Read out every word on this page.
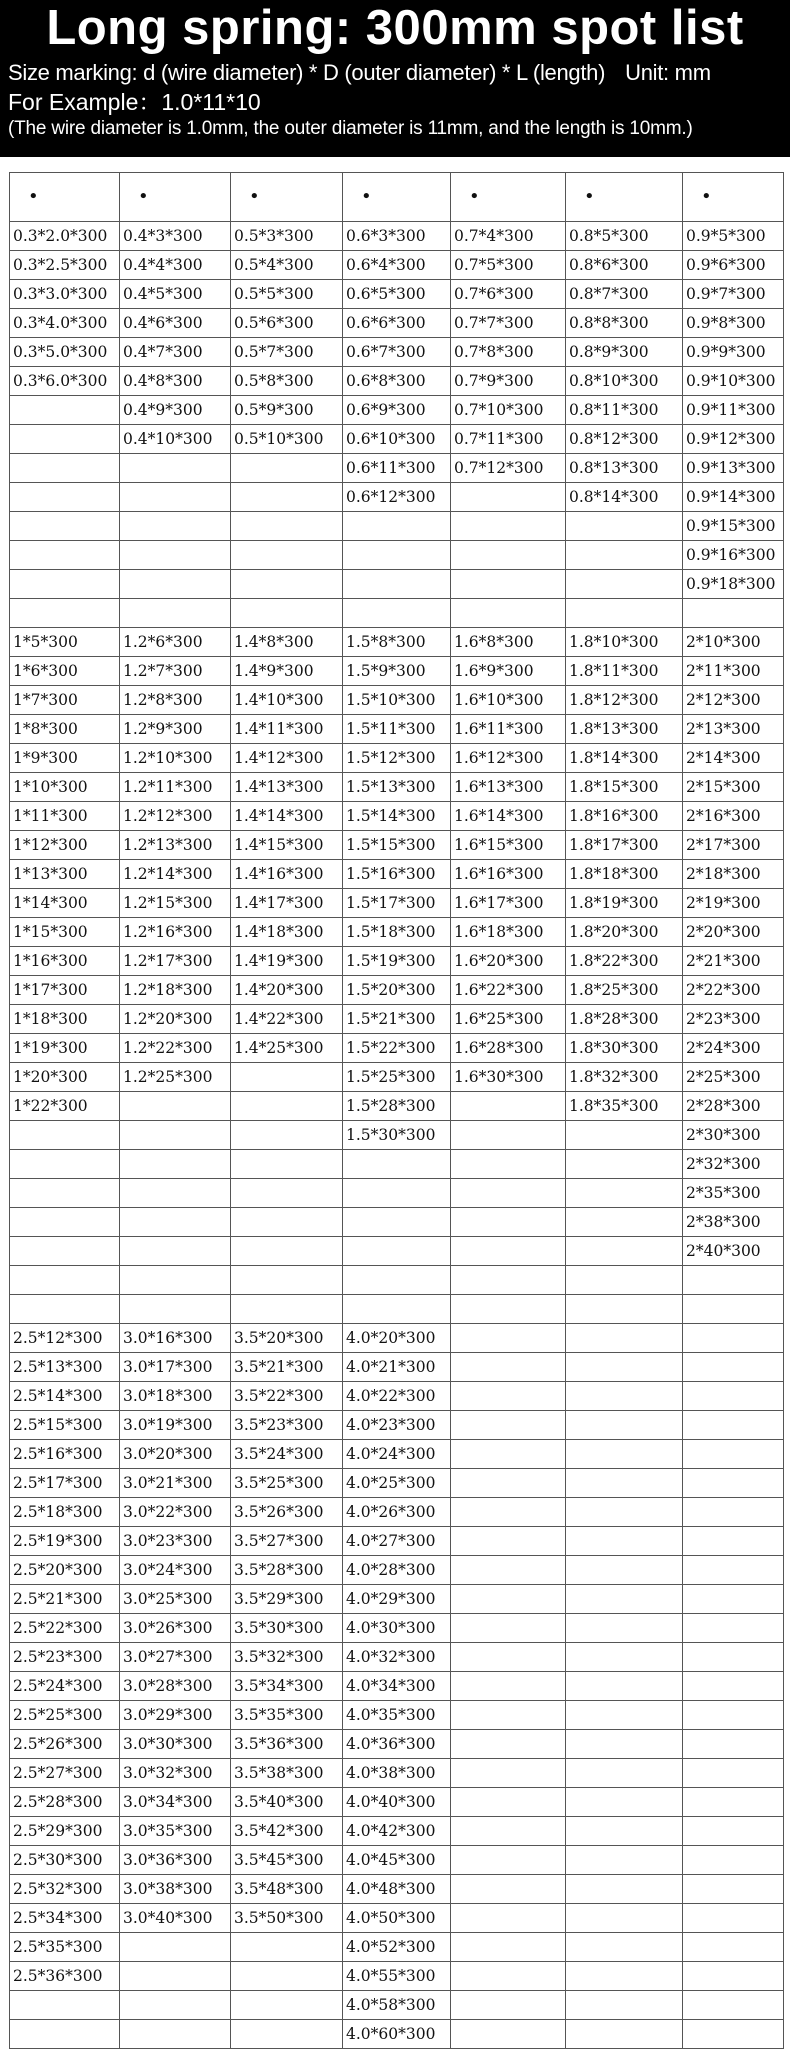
Long spring: 300mm spot list
Size marking: d (wire diameter) * D (outer diameter) * L (length) Unit: mm
For Example：1.0*11*10
(The wire diameter is 1.0mm, the outer diameter is 11mm, and the length is 10mm.)
•	•	•	•	•	•	•
0.3*2.0*300	0.4*3*300	0.5*3*300	0.6*3*300	0.7*4*300	0.8*5*300	0.9*5*300
0.3*2.5*300	0.4*4*300	0.5*4*300	0.6*4*300	0.7*5*300	0.8*6*300	0.9*6*300
0.3*3.0*300	0.4*5*300	0.5*5*300	0.6*5*300	0.7*6*300	0.8*7*300	0.9*7*300
0.3*4.0*300	0.4*6*300	0.5*6*300	0.6*6*300	0.7*7*300	0.8*8*300	0.9*8*300
0.3*5.0*300	0.4*7*300	0.5*7*300	0.6*7*300	0.7*8*300	0.8*9*300	0.9*9*300
0.3*6.0*300	0.4*8*300	0.5*8*300	0.6*8*300	0.7*9*300	0.8*10*300	0.9*10*300
	0.4*9*300	0.5*9*300	0.6*9*300	0.7*10*300	0.8*11*300	0.9*11*300
	0.4*10*300	0.5*10*300	0.6*10*300	0.7*11*300	0.8*12*300	0.9*12*300
			0.6*11*300	0.7*12*300	0.8*13*300	0.9*13*300
			0.6*12*300		0.8*14*300	0.9*14*300
						0.9*15*300
						0.9*16*300
						0.9*18*300

1*5*300	1.2*6*300	1.4*8*300	1.5*8*300	1.6*8*300	1.8*10*300	2*10*300
1*6*300	1.2*7*300	1.4*9*300	1.5*9*300	1.6*9*300	1.8*11*300	2*11*300
1*7*300	1.2*8*300	1.4*10*300	1.5*10*300	1.6*10*300	1.8*12*300	2*12*300
1*8*300	1.2*9*300	1.4*11*300	1.5*11*300	1.6*11*300	1.8*13*300	2*13*300
1*9*300	1.2*10*300	1.4*12*300	1.5*12*300	1.6*12*300	1.8*14*300	2*14*300
1*10*300	1.2*11*300	1.4*13*300	1.5*13*300	1.6*13*300	1.8*15*300	2*15*300
1*11*300	1.2*12*300	1.4*14*300	1.5*14*300	1.6*14*300	1.8*16*300	2*16*300
1*12*300	1.2*13*300	1.4*15*300	1.5*15*300	1.6*15*300	1.8*17*300	2*17*300
1*13*300	1.2*14*300	1.4*16*300	1.5*16*300	1.6*16*300	1.8*18*300	2*18*300
1*14*300	1.2*15*300	1.4*17*300	1.5*17*300	1.6*17*300	1.8*19*300	2*19*300
1*15*300	1.2*16*300	1.4*18*300	1.5*18*300	1.6*18*300	1.8*20*300	2*20*300
1*16*300	1.2*17*300	1.4*19*300	1.5*19*300	1.6*20*300	1.8*22*300	2*21*300
1*17*300	1.2*18*300	1.4*20*300	1.5*20*300	1.6*22*300	1.8*25*300	2*22*300
1*18*300	1.2*20*300	1.4*22*300	1.5*21*300	1.6*25*300	1.8*28*300	2*23*300
1*19*300	1.2*22*300	1.4*25*300	1.5*22*300	1.6*28*300	1.8*30*300	2*24*300
1*20*300	1.2*25*300		1.5*25*300	1.6*30*300	1.8*32*300	2*25*300
1*22*300			1.5*28*300		1.8*35*300	2*28*300
			1.5*30*300			2*30*300
						2*32*300
						2*35*300
						2*38*300
						2*40*300

2.5*12*300	3.0*16*300	3.5*20*300	4.0*20*300			
2.5*13*300	3.0*17*300	3.5*21*300	4.0*21*300			
2.5*14*300	3.0*18*300	3.5*22*300	4.0*22*300			
2.5*15*300	3.0*19*300	3.5*23*300	4.0*23*300			
2.5*16*300	3.0*20*300	3.5*24*300	4.0*24*300			
2.5*17*300	3.0*21*300	3.5*25*300	4.0*25*300			
2.5*18*300	3.0*22*300	3.5*26*300	4.0*26*300			
2.5*19*300	3.0*23*300	3.5*27*300	4.0*27*300			
2.5*20*300	3.0*24*300	3.5*28*300	4.0*28*300			
2.5*21*300	3.0*25*300	3.5*29*300	4.0*29*300			
2.5*22*300	3.0*26*300	3.5*30*300	4.0*30*300			
2.5*23*300	3.0*27*300	3.5*32*300	4.0*32*300			
2.5*24*300	3.0*28*300	3.5*34*300	4.0*34*300			
2.5*25*300	3.0*29*300	3.5*35*300	4.0*35*300			
2.5*26*300	3.0*30*300	3.5*36*300	4.0*36*300			
2.5*27*300	3.0*32*300	3.5*38*300	4.0*38*300			
2.5*28*300	3.0*34*300	3.5*40*300	4.0*40*300			
2.5*29*300	3.0*35*300	3.5*42*300	4.0*42*300			
2.5*30*300	3.0*36*300	3.5*45*300	4.0*45*300			
2.5*32*300	3.0*38*300	3.5*48*300	4.0*48*300			
2.5*34*300	3.0*40*300	3.5*50*300	4.0*50*300			
2.5*35*300			4.0*52*300			
2.5*36*300			4.0*55*300			
			4.0*58*300			
			4.0*60*300			
